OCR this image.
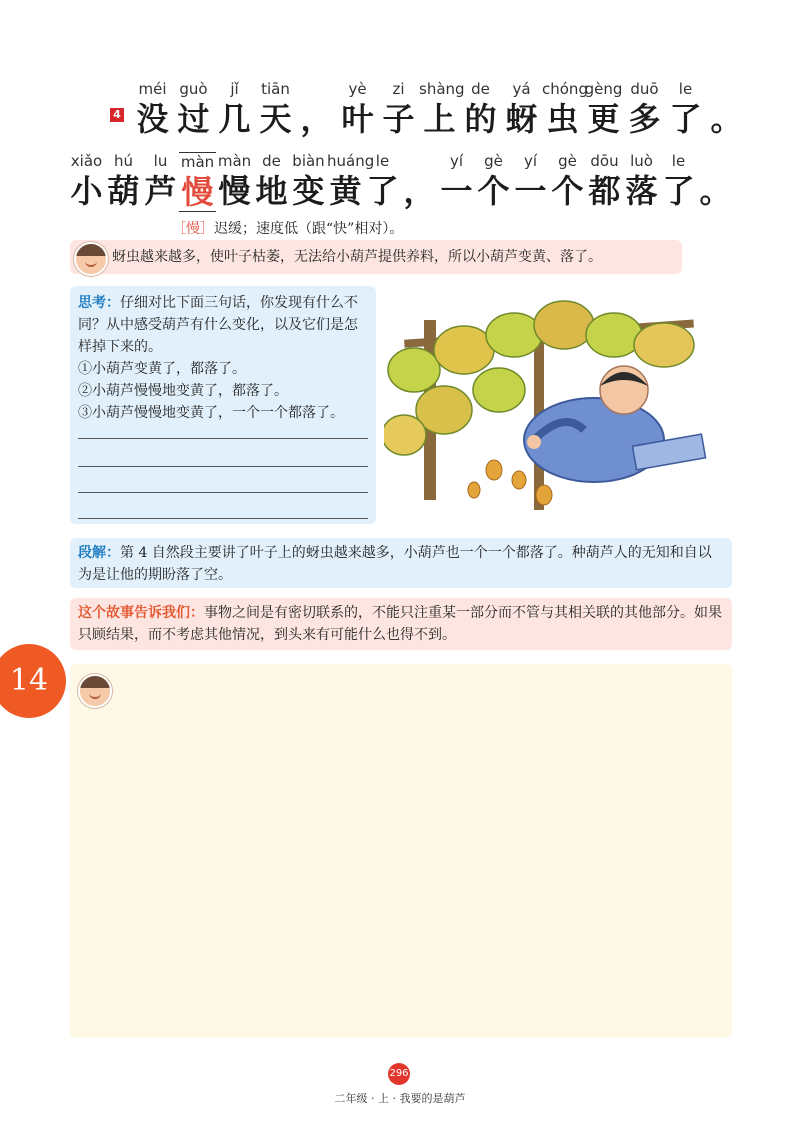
4
méi
没
guò
过
jǐ
几
tiān
天 ，
yè
叶
zi
子
shàng
上
de
的
yá
蚜
chóng
虫
gèng
更
duō
多
le
了 。
xiǎo
小
hú
葫
lu
芦
màn
慢
màn
慢
de
地
biàn
变
huáng
黄
le
了 ，
yí
一
gè
个
yí
一
gè
个
dōu
都
luò
落
le
了 。
［慢］迟缓；速度低（跟“快”相对）。
蚜虫越来越多，使叶子枯萎，无法给小葫芦提供养料，所以小葫芦变黄、落了。
思考：仔细对比下面三句话，你发现有什么不同？从中感受葫芦有什么变化，以及它们是怎样掉下来的。
①小葫芦变黄了，都落了。
②小葫芦慢慢地变黄了，都落了。
③小葫芦慢慢地变黄了，一个一个都落了。
段解：第 4 自然段主要讲了叶子上的蚜虫越来越多，小葫芦也一个一个都落了。种葫芦人的无知和自以为是让他的期盼落了空。
这个故事告诉我们：事物之间是有密切联系的，不能只注重某一部分而不管与其相关联的其他部分。如果只顾结果，而不考虑其他情况，到头来有可能什么也得不到。
14
296
二年级 · 上 · 我要的是葫芦
